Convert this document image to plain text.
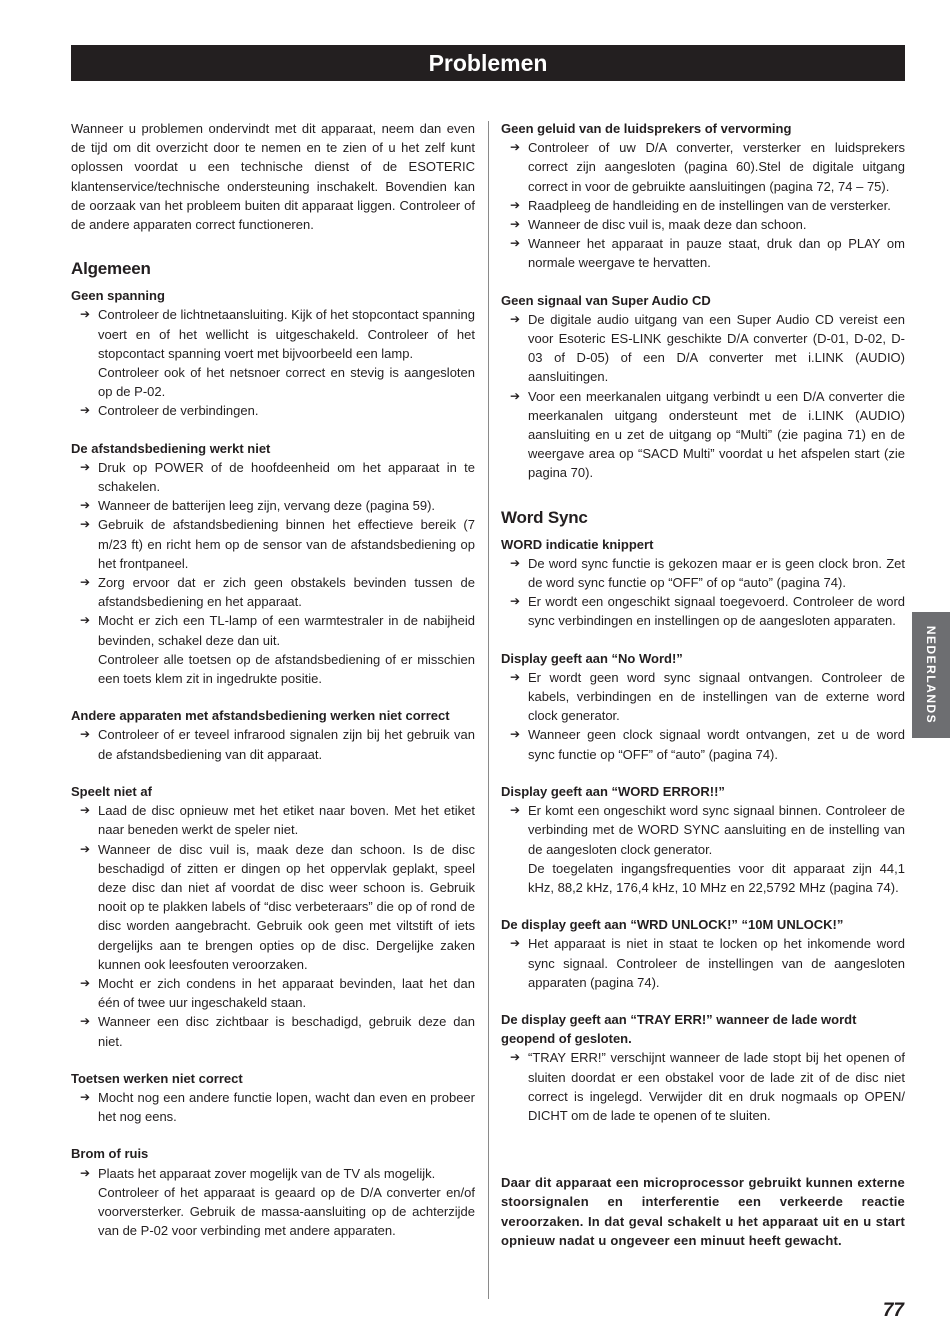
Problemen

Wanneer u problemen ondervindt met dit apparaat, neem dan even de tijd om dit overzicht door te nemen en te zien of u het zelf kunt oplossen voordat u een technische dienst of de ESOTERIC klantenservice/technische ondersteuning inschakelt. Bovendien kan de oorzaak van het probleem buiten dit apparaat liggen. Controleer of de andere apparaten correct functioneren.

Algemeen
Geen spanning
➔ Controleer de lichtnetaansluiting. Kijk of het stopcontact spanning voert en of het wellicht is uitgeschakeld. Controleer of het stopcontact spanning voert met bijvoorbeeld een lamp.
Controleer ook of het netsnoer correct en stevig is aangesloten op de P-02.
➔ Controleer de verbindingen.
De afstandsbediening werkt niet
➔ Druk op POWER of de hoofdeenheid om het apparaat in te schakelen.
➔ Wanneer de batterijen leeg zijn, vervang deze (pagina 59).
➔ Gebruik de afstandsbediening binnen het effectieve bereik (7 m/23 ft) en richt hem op de sensor van de afstandsbediening op het frontpaneel.
➔ Zorg ervoor dat er zich geen obstakels bevinden tussen de afstandsbediening en het apparaat.
➔ Mocht er zich een TL-lamp of een warmtestraler in de nabijheid bevinden, schakel deze dan uit.
Controleer alle toetsen op de afstandsbediening of er misschien een toets klem zit in ingedrukte positie.
Andere apparaten met afstandsbediening werken niet correct
➔ Controleer of er teveel infrarood signalen zijn bij het gebruik van de afstandsbediening van dit apparaat.
Speelt niet af
➔ Laad de disc opnieuw met het etiket naar boven. Met het etiket naar beneden werkt de speler niet.
➔ Wanneer de disc vuil is, maak deze dan schoon. Is de disc beschadigd of zitten er dingen op het oppervlak geplakt, speel deze disc dan niet af voordat de disc weer schoon is. Gebruik nooit op te plakken labels of “disc verbeteraars” die op of rond de disc worden aangebracht. Gebruik ook geen met viltstift of iets dergelijks aan te brengen opties op de disc. Dergelijke zaken kunnen ook leesfouten veroorzaken.
➔ Mocht er zich condens in het apparaat bevinden, laat het dan één of twee uur ingeschakeld staan.
➔ Wanneer een disc zichtbaar is beschadigd, gebruik deze dan niet.
Toetsen werken niet correct
➔ Mocht nog een andere functie lopen, wacht dan even en probeer het nog eens.
Brom of ruis
➔ Plaats het apparaat zover mogelijk van de TV als mogelijk.
Controleer of het apparaat is geaard op de D/A converter en/of voorversterker. Gebruik de massa-aansluiting op de achterzijde van de P-02 voor verbinding met andere apparaten.
Geen geluid van de luidsprekers of vervorming
➔ Controleer of uw D/A converter, versterker en luidsprekers correct zijn aangesloten (pagina 60).Stel de digitale uitgang correct in voor de gebruikte aansluitingen (pagina 72, 74 – 75).
➔ Raadpleeg de handleiding en de instellingen van de versterker.
➔ Wanneer de disc vuil is, maak deze dan schoon.
➔ Wanneer het apparaat in pauze staat, druk dan op PLAY om normale weergave te hervatten.
Geen signaal van Super Audio CD
➔ De digitale audio uitgang van een Super Audio CD vereist een voor Esoteric ES-LINK geschikte D/A converter (D-01, D-02, D-03 of D-05) of een D/A converter met i.LINK (AUDIO) aansluitingen.
➔ Voor een meerkanalen uitgang verbindt u een D/A converter die meerkanalen uitgang ondersteunt met de i.LINK (AUDIO) aansluiting en u zet de uitgang op “Multi” (zie pagina 71) en de weergave area op “SACD Multi” voordat u het afspelen start (zie pagina 70).
Word Sync
WORD indicatie knippert
➔ De word sync functie is gekozen maar er is geen clock bron. Zet de word sync functie op “OFF” of op “auto” (pagina 74).
➔ Er wordt een ongeschikt signaal toegevoerd. Controleer de word sync verbindingen en instellingen op de aangesloten apparaten.
Display geeft aan “No Word!”
➔ Er wordt geen word sync signaal ontvangen. Controleer de kabels, verbindingen en de instellingen van de externe word clock generator.
➔ Wanneer geen clock signaal wordt ontvangen, zet u de word sync functie op “OFF” of “auto” (pagina 74).
Display geeft aan “WORD ERROR!!”
➔ Er komt een ongeschikt word sync signaal binnen. Controleer de verbinding met de WORD SYNC aansluiting en de instelling van de aangesloten clock generator.
De toegelaten ingangsfrequenties voor dit apparaat zijn 44,1 kHz, 88,2 kHz, 176,4 kHz, 10 MHz en 22,5792 MHz (pagina 74).
De display geeft aan “WRD UNLOCK!” “10M UNLOCK!”
➔ Het apparaat is niet in staat te locken op het inkomende word sync signaal. Controleer de instellingen van de aangesloten apparaten (pagina 74).
De display geeft aan “TRAY ERR!” wanneer de lade wordt geopend of gesloten.
➔ “TRAY ERR!” verschijnt wanneer de lade stopt bij het openen of sluiten doordat er een obstakel voor de lade zit of de disc niet correct is ingelegd. Verwijder dit en druk nogmaals op OPEN/ DICHT om de lade te openen of te sluiten.

Daar dit apparaat een microprocessor gebruikt kunnen externe stoorsignalen en interferentie een verkeerde reactie veroorzaken. In dat geval schakelt u het apparaat uit en u start opnieuw nadat u ongeveer een minuut heeft gewacht.

NEDERLANDS
77
